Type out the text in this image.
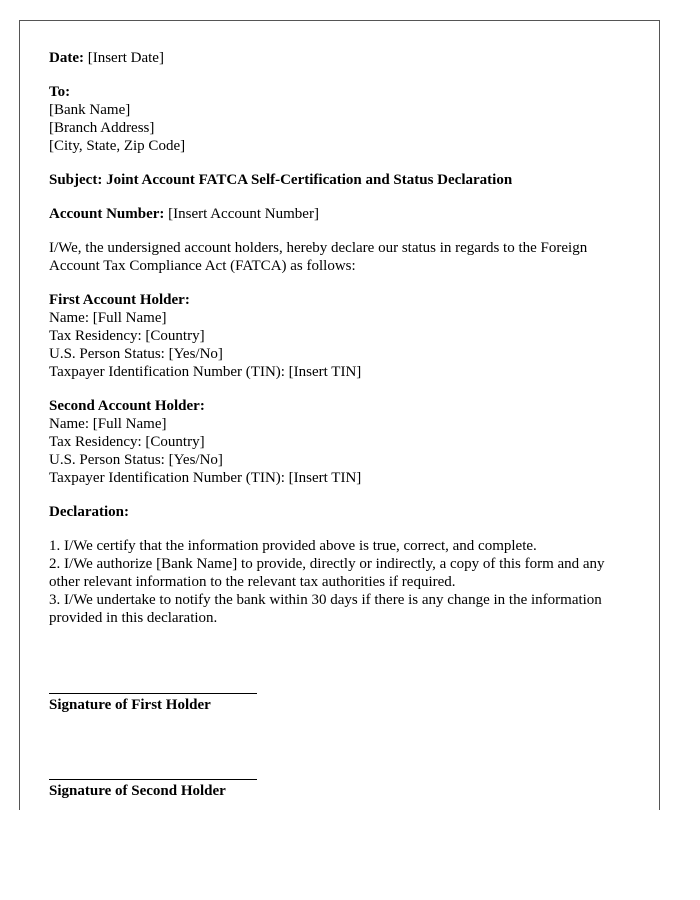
Date: [Insert Date]
To:
[Bank Name]
[Branch Address]
[City, State, Zip Code]
Subject: Joint Account FATCA Self-Certification and Status Declaration
Account Number: [Insert Account Number]
I/We, the undersigned account holders, hereby declare our status in regards to the Foreign Account Tax Compliance Act (FATCA) as follows:
First Account Holder:
Name: [Full Name]
Tax Residency: [Country]
U.S. Person Status: [Yes/No]
Taxpayer Identification Number (TIN): [Insert TIN]
Second Account Holder:
Name: [Full Name]
Tax Residency: [Country]
U.S. Person Status: [Yes/No]
Taxpayer Identification Number (TIN): [Insert TIN]
Declaration:
1. I/We certify that the information provided above is true, correct, and complete.
2. I/We authorize [Bank Name] to provide, directly or indirectly, a copy of this form and any other relevant information to the relevant tax authorities if required.
3. I/We undertake to notify the bank within 30 days if there is any change in the information provided in this declaration.
Signature of First Holder
Signature of Second Holder
